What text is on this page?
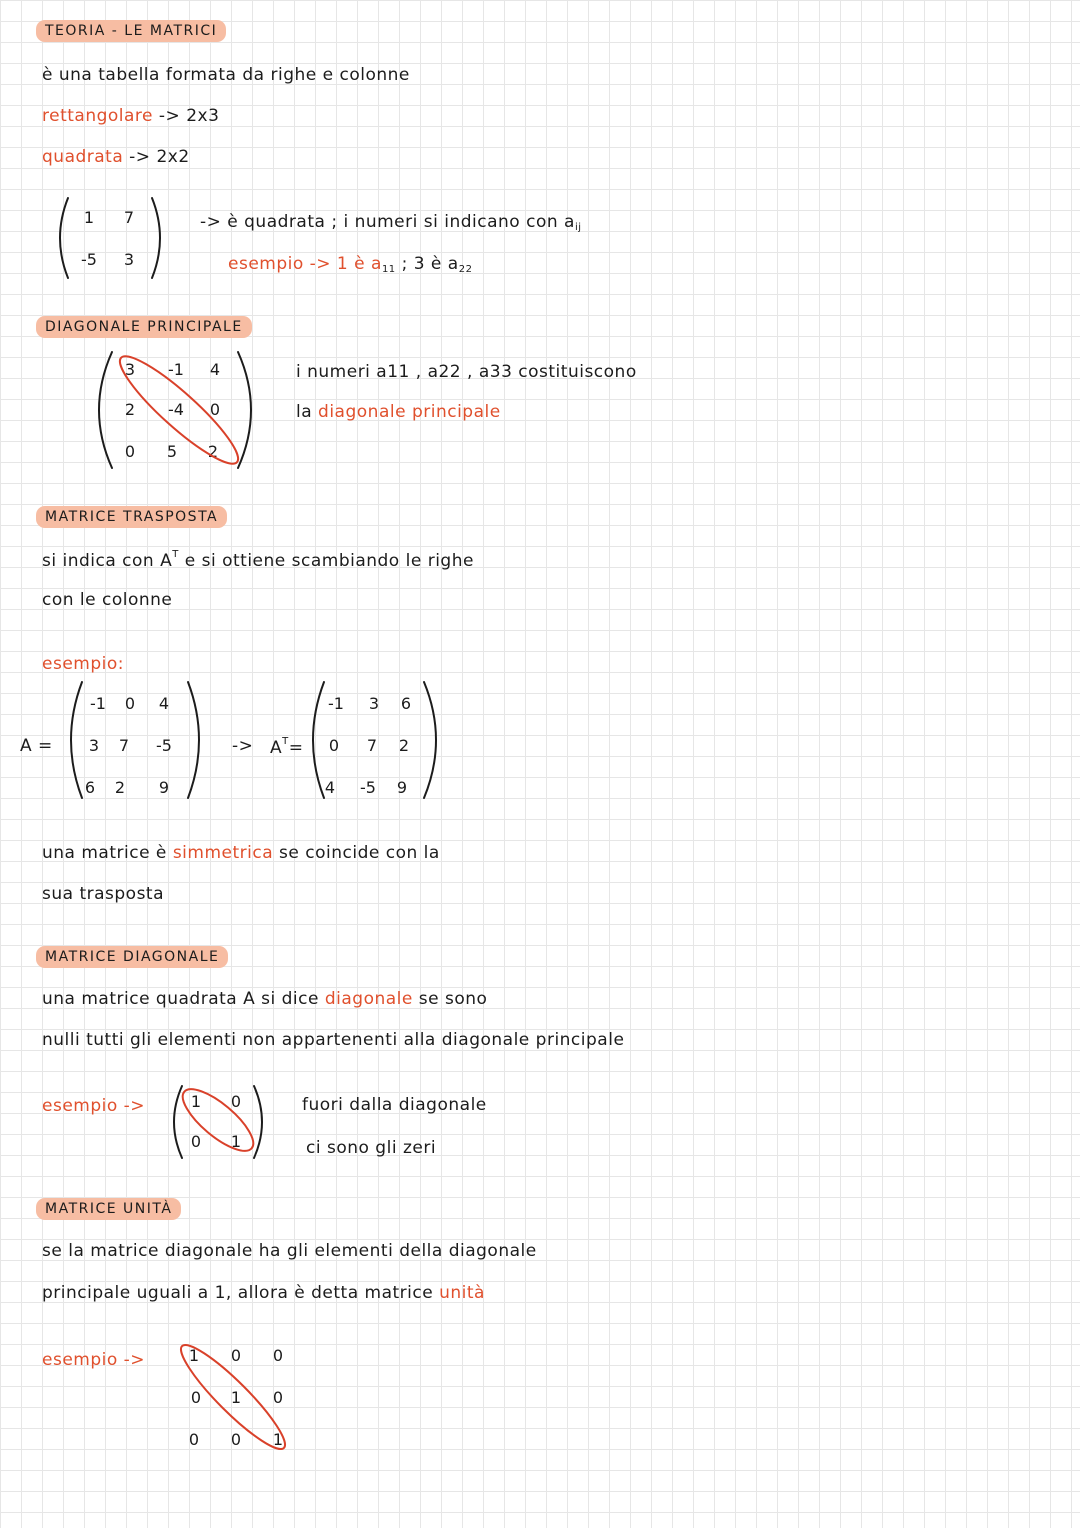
TEORIA - LE MATRICI
è una tabella formata da righe e colonne
rettangolare -> 2x3
quadrata -> 2x2
1	7
-5	3
-> è quadrata ; i numeri si indicano con $a_{ij}$
esempio -> 1 è $a_{11}$ ; 3 è $a_{22}$
DIAGONALE PRINCIPALE
3	-1	4
2	-4	0
0	5	2
i numeri a11 , a22 , a33 costituiscono
la diagonale principale
MATRICE TRASPOSTA
si indica con $A^T$ e si ottiene scambiando le righe
con le colonne
esempio:
A =
-1	0	4
3	7	-5
6	2	9
-> $A^T=$
-1	3	6
0	7	2
4	-5	9
una matrice è simmetrica se coincide con la
sua trasposta
MATRICE DIAGONALE
una matrice quadrata A si dice diagonale se sono
nulli tutti gli elementi non appartenenti alla diagonale principale
esempio ->	1	0
0	1
fuori dalla diagonale
ci sono gli zeri
MATRICE UNITÀ
se la matrice diagonale ha gli elementi della diagonale
principale uguali a 1, allora è detta matrice unità
esempio ->	1	0	0
0	1	0
0	0	1
